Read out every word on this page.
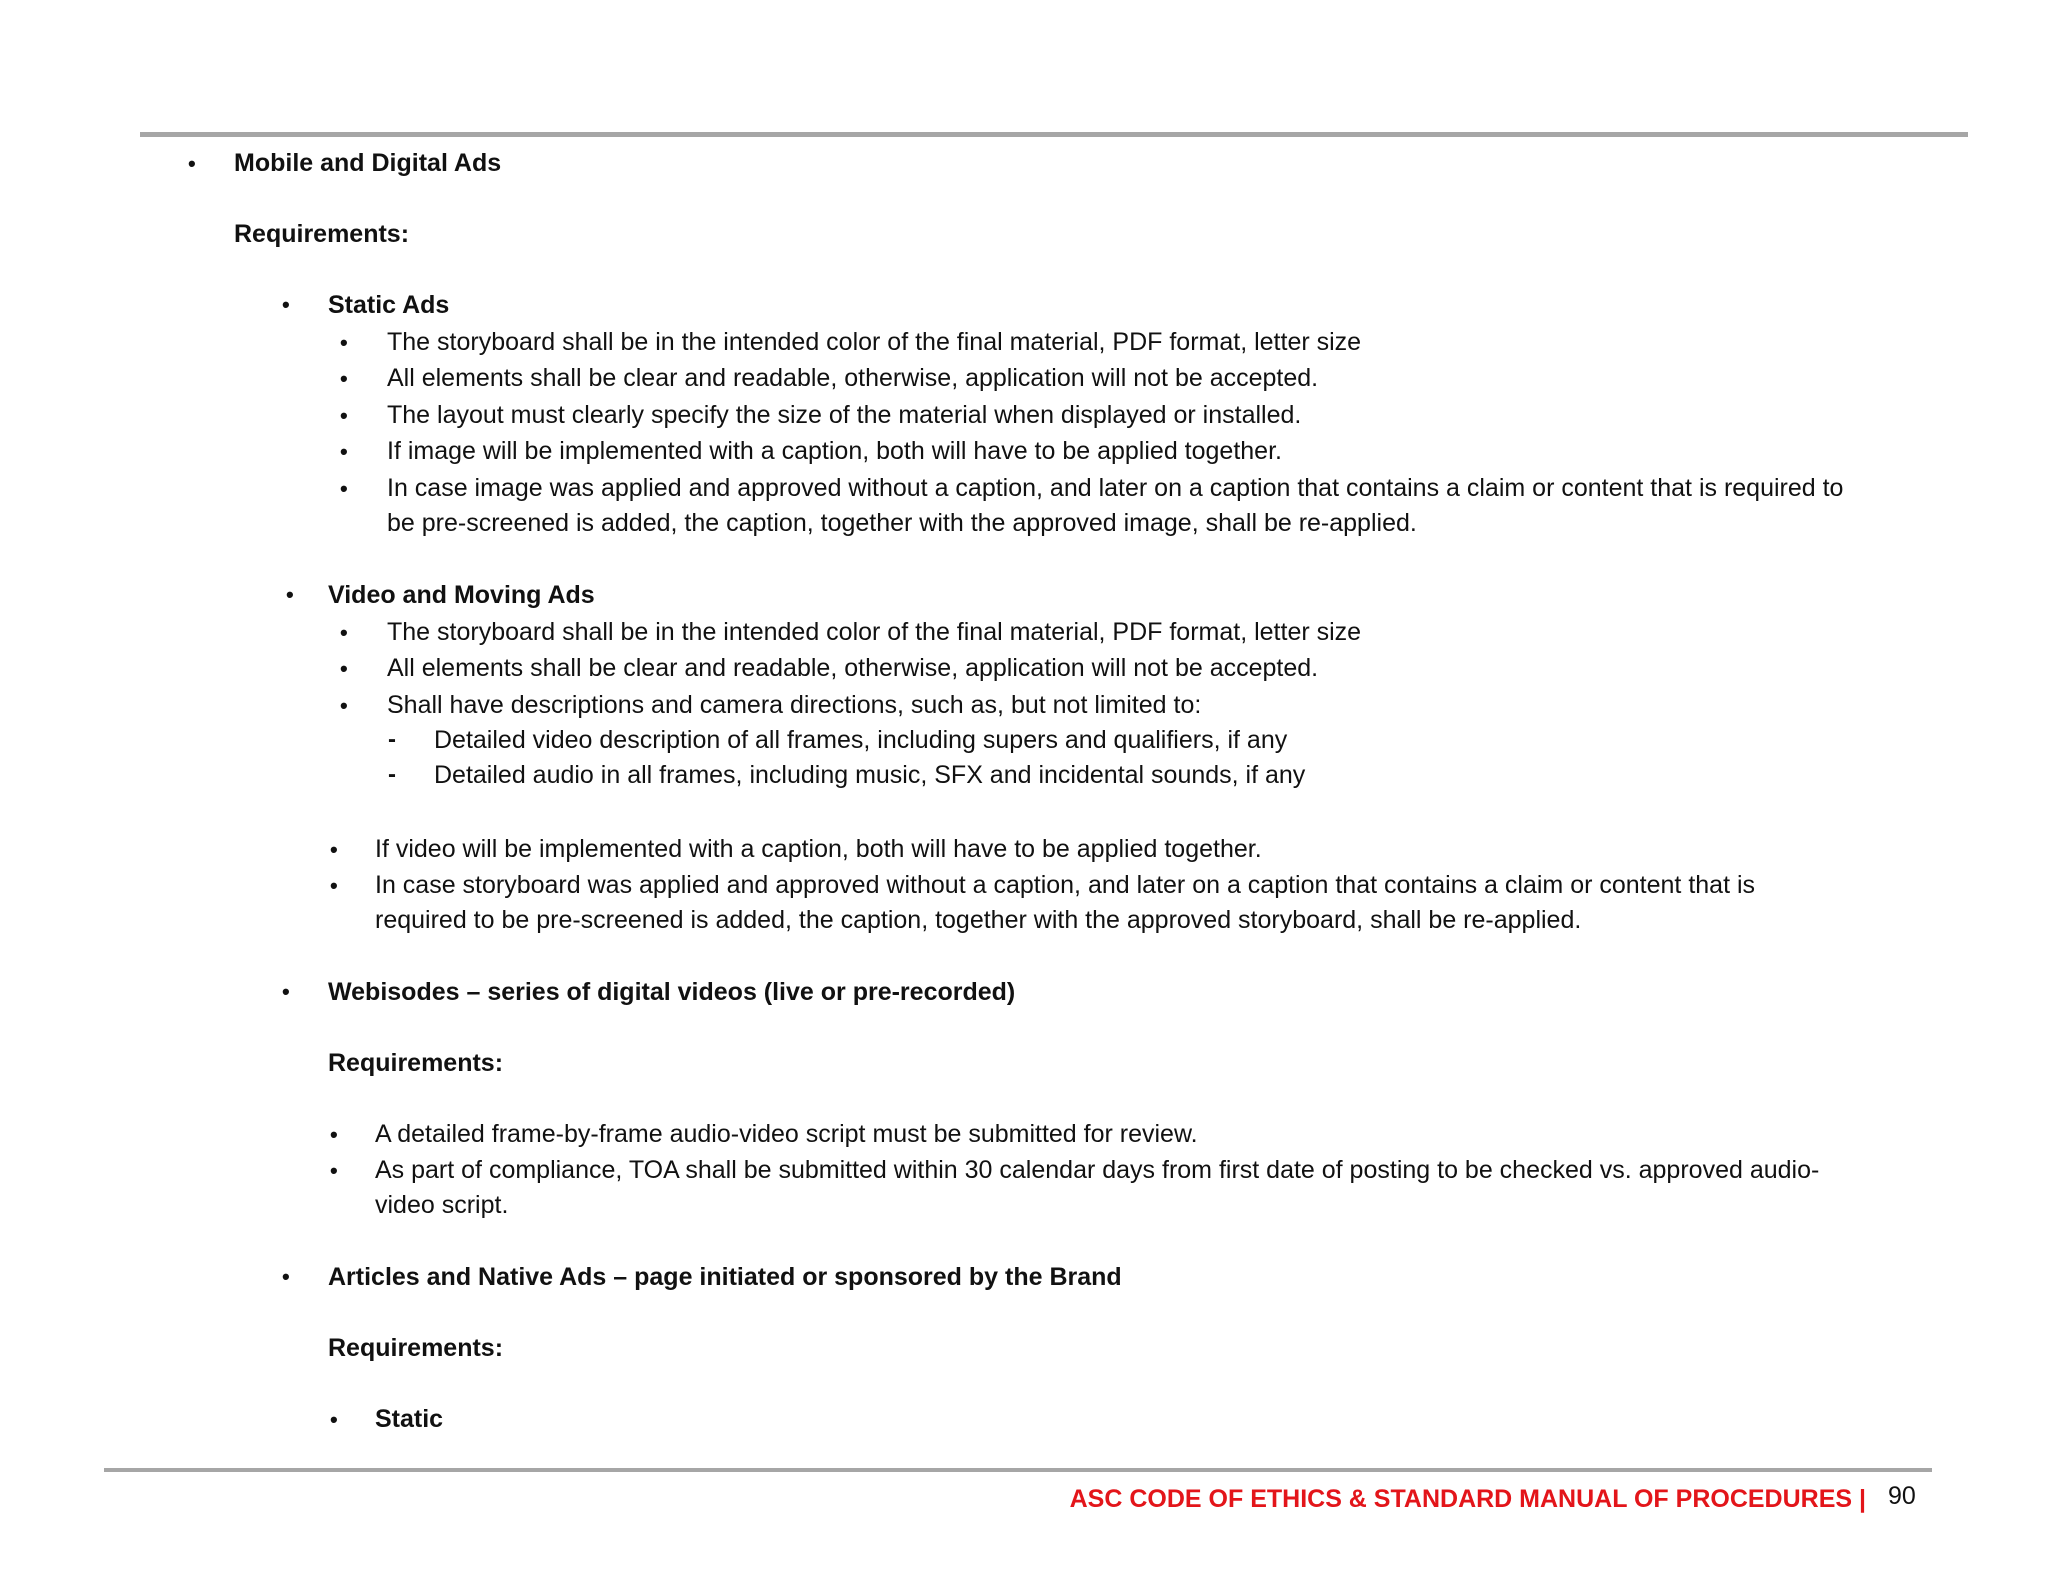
• Mobile and Digital Ads
Requirements:
• Static Ads
• The storyboard shall be in the intended color of the final material, PDF format, letter size
• All elements shall be clear and readable, otherwise, application will not be accepted.
• The layout must clearly specify the size of the material when displayed or installed.
• If image will be implemented with a caption, both will have to be applied together.
• In case image was applied and approved without a caption, and later on a caption that contains a claim or content that is required to
be pre-screened is added, the caption, together with the approved image, shall be re-applied.
• Video and Moving Ads
• The storyboard shall be in the intended color of the final material, PDF format, letter size
• All elements shall be clear and readable, otherwise, application will not be accepted.
• Shall have descriptions and camera directions, such as, but not limited to:
- Detailed video description of all frames, including supers and qualifiers, if any
- Detailed audio in all frames, including music, SFX and incidental sounds, if any
• If video will be implemented with a caption, both will have to be applied together.
• In case storyboard was applied and approved without a caption, and later on a caption that contains a claim or content that is
required to be pre-screened is added, the caption, together with the approved storyboard, shall be re-applied.
• Webisodes – series of digital videos (live or pre-recorded)
Requirements:
• A detailed frame-by-frame audio-video script must be submitted for review.
• As part of compliance, TOA shall be submitted within 30 calendar days from first date of posting to be checked vs. approved audio-
video script.
• Articles and Native Ads – page initiated or sponsored by the Brand
Requirements:
• Static
ASC CODE OF ETHICS & STANDARD MANUAL OF PROCEDURES | 90
